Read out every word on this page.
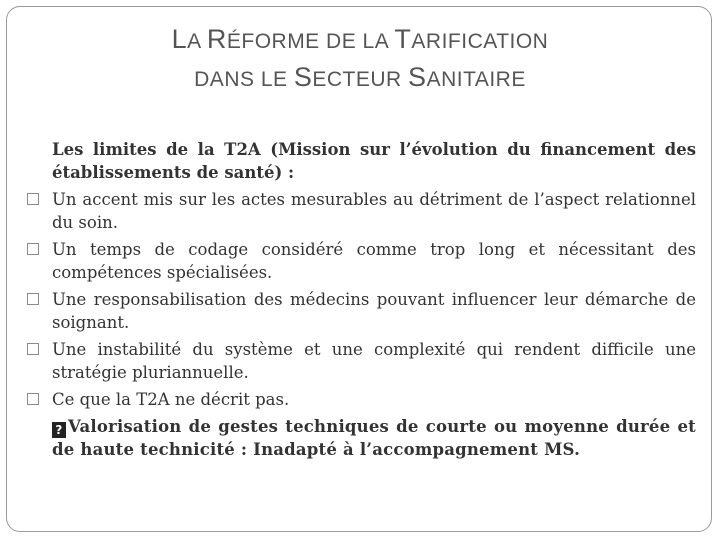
LA RÉFORME DE LA TARIFICATION
DANS LE SECTEUR SANITAIRE
Les limites de la T2A (Mission sur l’évolution du financement des établissements de santé) :
Un accent mis sur les actes mesurables au détriment de l’aspect relationnel du soin.
Un temps de codage considéré comme trop long et nécessitant des compétences spécialisées.
Une responsabilisation des médecins pouvant influencer leur démarche de soignant.
Une instabilité du système et une complexité qui rendent difficile une stratégie pluriannuelle.
Ce que la T2A ne décrit pas.
? Valorisation de gestes techniques de courte ou moyenne durée et de haute technicité : Inadapté à l’accompagnement MS.
